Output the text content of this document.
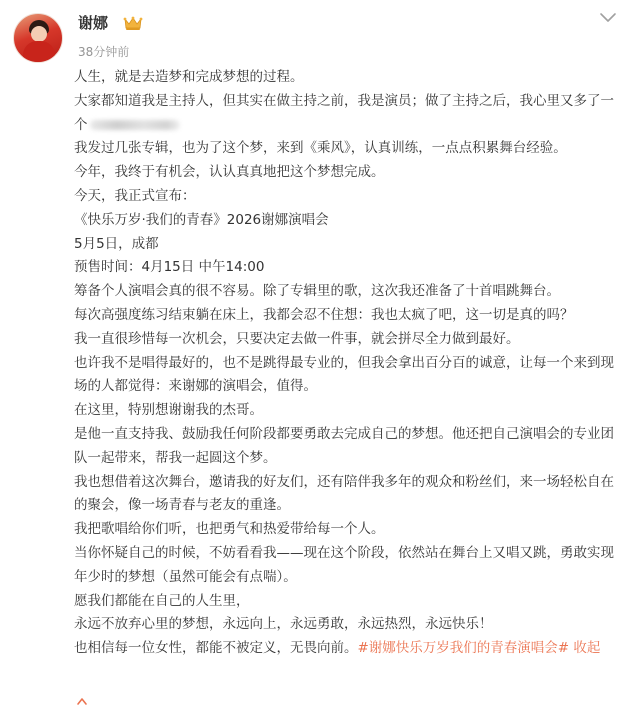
谢娜
38分钟前

人生，就是去造梦和完成梦想的过程。

大家都知道我是主持人，但其实在做主持之前，我是演员；做了主持之后，我心里又多了一个

我发过几张专辑，也为了这个梦，来到《乘风》，认真训练，一点点积累舞台经验。

今年，我终于有机会，认认真真地把这个梦想完成。

今天，我正式宣布：

《快乐万岁·我们的青春》2026谢娜演唱会

5月5日，成都

预售时间：4月15日 中午14:00

筹备个人演唱会真的很不容易。除了专辑里的歌，这次我还准备了十首唱跳舞台。

每次高强度练习结束躺在床上，我都会忍不住想：我也太疯了吧，这一切是真的吗？

我一直很珍惜每一次机会，只要决定去做一件事，就会拼尽全力做到最好。

也许我不是唱得最好的，也不是跳得最专业的，但我会拿出百分百的诚意，让每一个来到现场的人都觉得：来谢娜的演唱会，值得。

在这里，特别想谢谢我的杰哥。

是他一直支持我、鼓励我任何阶段都要勇敢去完成自己的梦想。他还把自己演唱会的专业团队一起带来，帮我一起圆这个梦。

我也想借着这次舞台，邀请我的好友们，还有陪伴我多年的观众和粉丝们，来一场轻松自在的聚会，像一场青春与老友的重逢。

我把歌唱给你们听，也把勇气和热爱带给每一个人。

当你怀疑自己的时候，不妨看看我——现在这个阶段，依然站在舞台上又唱又跳，勇敢实现年少时的梦想（虽然可能会有点喘）。

愿我们都能在自己的人生里，

永远不放弃心里的梦想，永远向上，永远勇敢，永远热烈，永远快乐！

也相信每一位女性，都能不被定义，无畏向前。#谢娜快乐万岁我们的青春演唱会# 收起
